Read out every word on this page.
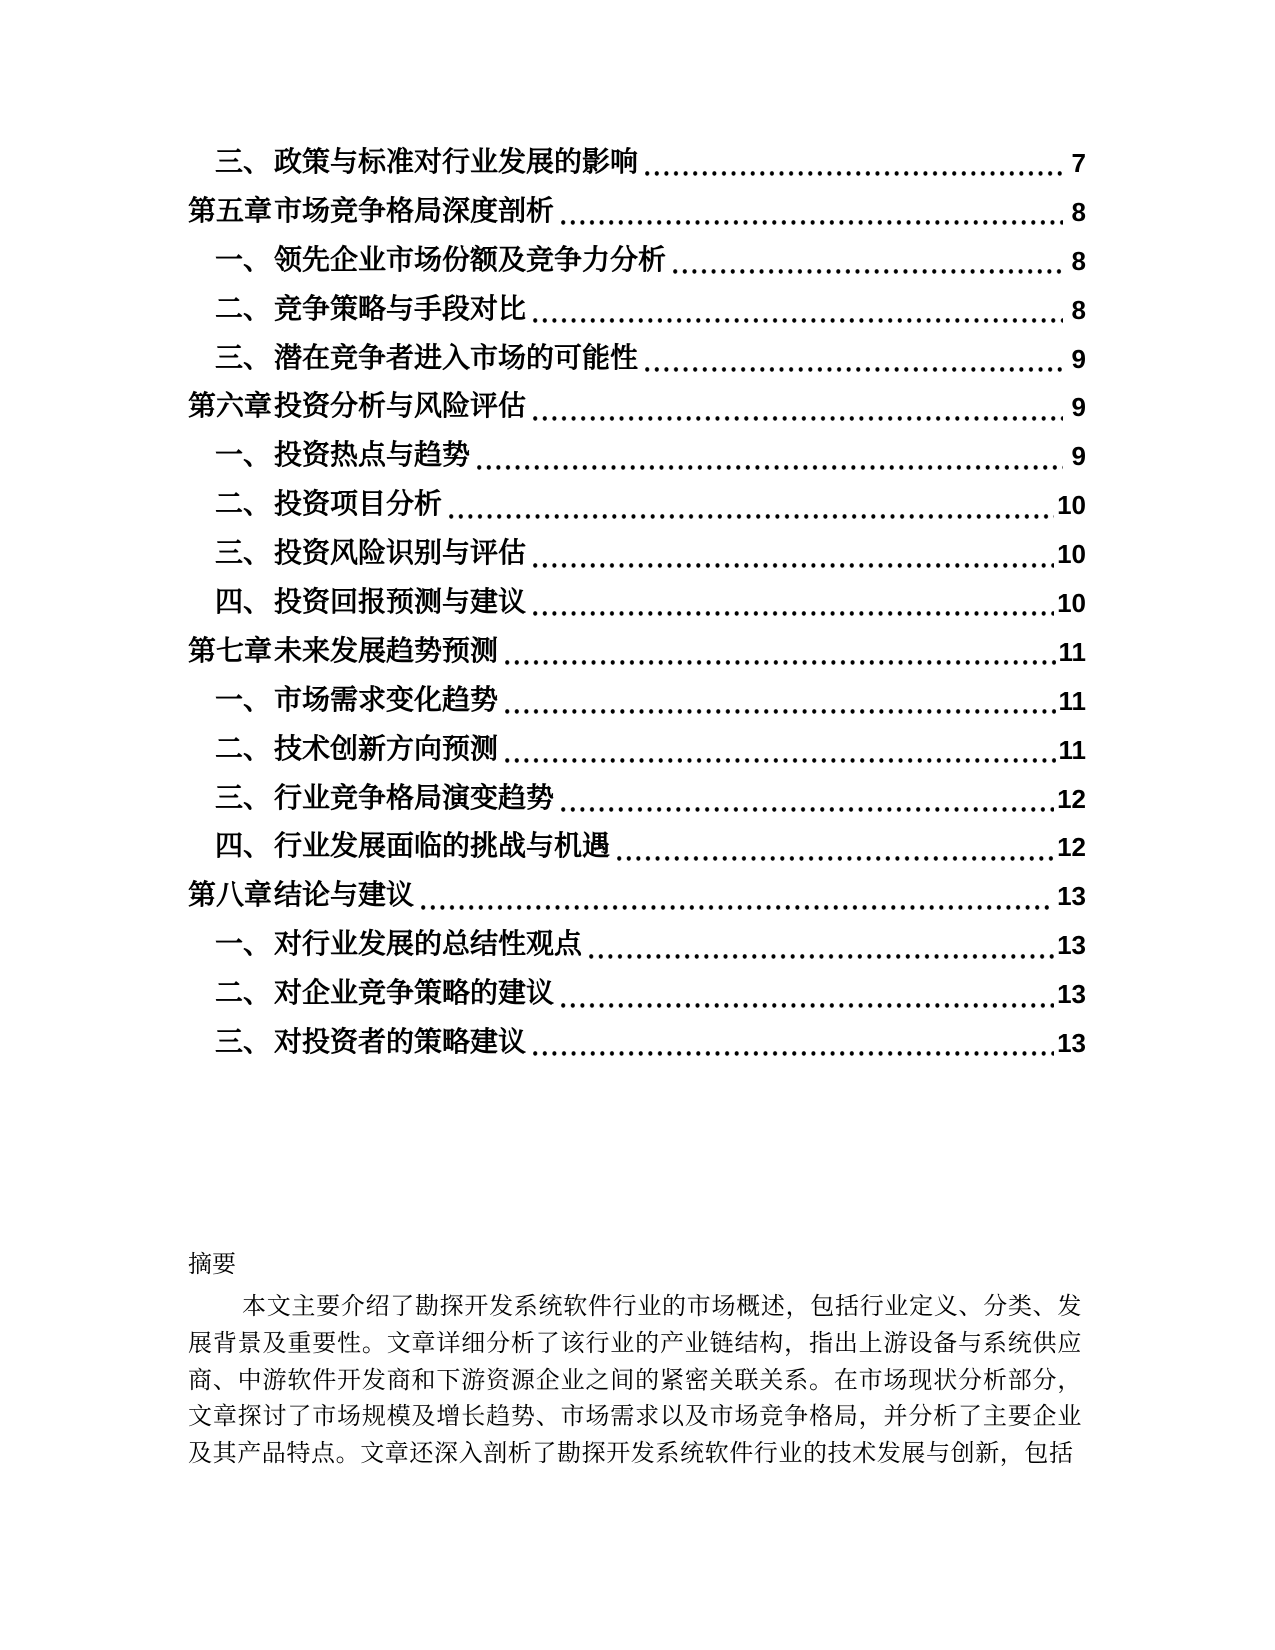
三、 政策与标准对行业发展的影响	7
第五章 市场竞争格局深度剖析	8
一、 领先企业市场份额及竞争力分析	8
二、 竞争策略与手段对比	8
三、 潜在竞争者进入市场的可能性	9
第六章 投资分析与风险评估	9
一、 投资热点与趋势	9
二、 投资项目分析	10
三、 投资风险识别与评估	10
四、 投资回报预测与建议	10
第七章 未来发展趋势预测	11
一、 市场需求变化趋势	11
二、 技术创新方向预测	11
三、 行业竞争格局演变趋势	12
四、 行业发展面临的挑战与机遇	12
第八章 结论与建议	13
一、 对行业发展的总结性观点	13
二、 对企业竞争策略的建议	13
三、 对投资者的策略建议	13
摘要

本文主要介绍了勘探开发系统软件行业的市场概述，包括行业定义、分类、发展背景及重要性。文章详细分析了该行业的产业链结构，指出上游设备与系统供应商、中游软件开发商和下游资源企业之间的紧密关联关系。在市场现状分析部分，文章探讨了市场规模及增长趋势、市场需求以及市场竞争格局，并分析了主要企业及其产品特点。文章还深入剖析了勘探开发系统软件行业的技术发展与创新，包括
